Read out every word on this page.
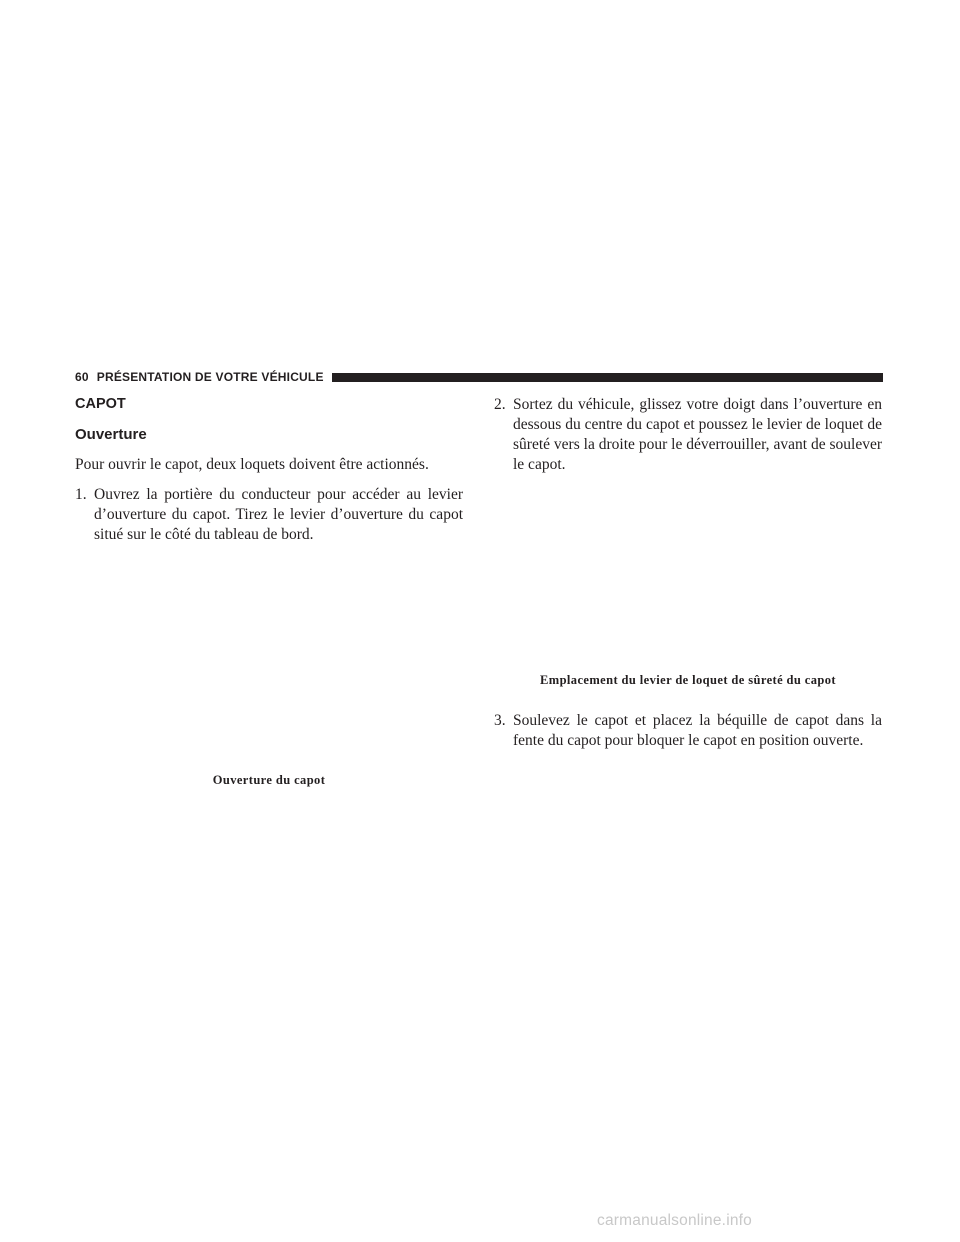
60 PRÉSENTATION DE VOTRE VÉHICULE
CAPOT
Ouverture

Pour ouvrir le capot, deux loquets doivent être actionnés.

1. Ouvrez la portière du conducteur pour accéder au levier d’ouverture du capot. Tirez le levier d’ouverture du capot situé sur le côté du tableau de bord.
Ouverture du capot
2. Sortez du véhicule, glissez votre doigt dans l’ouverture en dessous du centre du capot et poussez le levier de loquet de sûreté vers la droite pour le déverrouiller, avant de soulever le capot.
Emplacement du levier de loquet de sûreté du capot
3. Soulevez le capot et placez la béquille de capot dans la fente du capot pour bloquer le capot en position ouverte.
carmanualsonline.info
